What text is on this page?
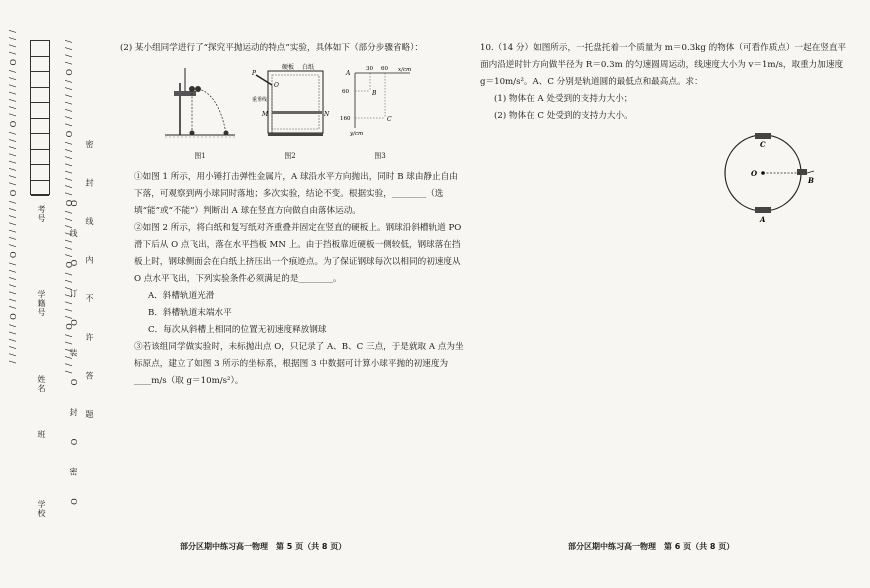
/ / / / O / / / / / / / O / / / / / / / / O / / / / / / / O / / / / / / / O / / / / / /	考号
学籍号
姓名
班
学校
/ / / / O / / / / / / / O / / / / / / / / O / / / / / / / O / / / / / / / O / / / / / / 密 封 线 内 不 许 答 题
O 线 O 订 O 装 O 封 O 密 O

(2) 某小组同学进行了“探究平抛运动的特点”实验，具体如下（部分步骤省略）：

图1
硬板 白纸
P
O
重垂线
M	N
图2
A
30 60 x/cm
60	B
160	C
y/cm
图3

①如图 1 所示，用小锤打击弹性金属片，A 球沿水平方向抛出，同时 B 球由静止自由下落，可观察到两小球同时落地；多次实验，结论不变。根据实验，________（选填“能”或“不能”）判断出 A 球在竖直方向做自由落体运动。

②如图 2 所示，将白纸和复写纸对齐重叠并固定在竖直的硬板上。钢球沿斜槽轨道 PO 滑下后从 O 点飞出，落在水平挡板 MN 上。由于挡板靠近硬板一侧较低，钢球落在挡板上时，钢球侧面会在白纸上挤压出一个痕迹点。为了保证钢球每次以相同的初速度从 O 点水平飞出，下列实验条件必须满足的是________。

A．斜槽轨道光滑

B．斜槽轨道末端水平

C．每次从斜槽上相同的位置无初速度释放钢球

③若该组同学做实验时，未标抛出点 O，只记录了 A、B、C 三点，于是就取 A 点为坐标原点，建立了如图 3 所示的坐标系，根据图 3 中数据可计算小球平抛的初速度为____m/s（取 g＝10m/s²）。

部分区期中练习高一物理　第 5 页（共 8 页）

10.（14 分）如图所示，一托盘托着一个质量为 m＝0.3kg 的物体（可看作质点）一起在竖直平面内沿逆时针方向做半径为 R＝0.3m 的匀速圆周运动，线速度大小为 v＝1m/s，取重力加速度 g＝10m/s²。A、C 分别是轨道圆的最低点和最高点。求：

(1) 物体在 A 处受到的支持力大小；

(2) 物体在 C 处受到的支持力大小。

C
O
B
A
部分区期中练习高一物理　第 6 页（共 8 页）
